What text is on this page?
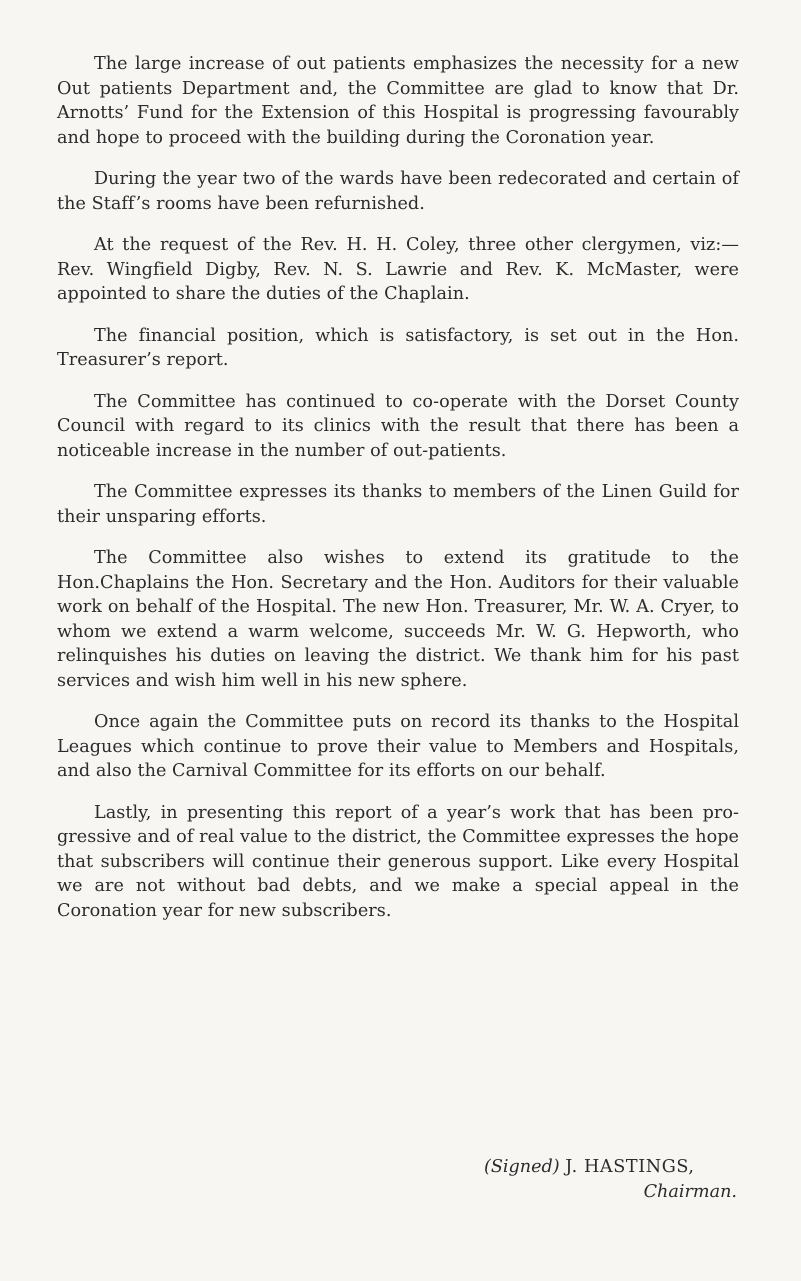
The large increase of out patients emphasizes the necessity for a new Out patients Department and, the Committee are glad to know that Dr. Arnotts’ Fund for the Extension of this Hospital is progressing favourably and hope to proceed with the building during the Coronation year.

During the year two of the wards have been redecorated and certain of the Staff’s rooms have been refurnished.

At the request of the Rev. H. H. Coley, three other clergymen, viz:— Rev. Wingfield Digby, Rev. N. S. Lawrie and Rev. K. McMaster, were appointed to share the duties of the Chaplain.

The financial position, which is satisfactory, is set out in the Hon. Treasurer’s report.

The Committee has continued to co-operate with the Dorset County Council with regard to its clinics with the result that there has been a noticeable increase in the number of out-patients.

The Committee expresses its thanks to members of the Linen Guild for their unsparing efforts.

The Committee also wishes to extend its gratitude to the Hon.Chaplains the Hon. Secretary and the Hon. Auditors for their valuable work on behalf of the Hospital. The new Hon. Treasurer, Mr. W. A. Cryer, to whom we extend a warm welcome, succeeds Mr. W. G. Hepworth, who relinquishes his duties on leaving the district. We thank him for his past services and wish him well in his new sphere.

Once again the Committee puts on record its thanks to the Hospital Leagues which continue to prove their value to Members and Hospitals, and also the Carnival Committee for its efforts on our behalf.

Lastly, in presenting this report of a year’s work that has been pro- gressive and of real value to the district, the Committee expresses the hope that subscribers will continue their generous support. Like every Hospital we are not without bad debts, and we make a special appeal in the Coronation year for new subscribers.

(Signed) J. HASTINGS,
Chairman.
